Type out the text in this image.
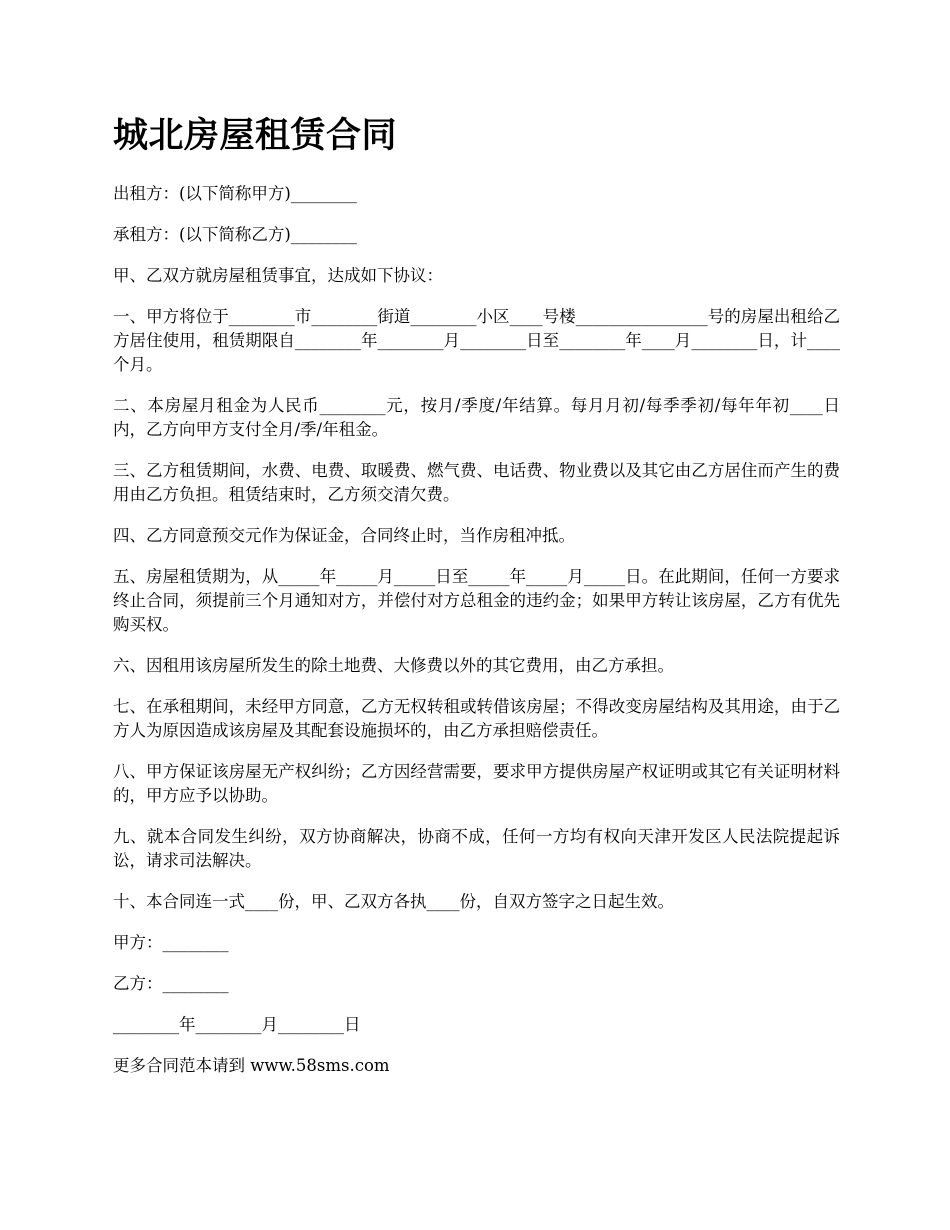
城北房屋租赁合同

出租方：(以下简称甲方)________

承租方：(以下简称乙方)________

甲、乙双方就房屋租赁事宜，达成如下协议：

一、甲方将位于________市________街道________小区____号楼________________号的房屋出租给乙方居住使用，租赁期限自________年________月________日至________年____月________日，计____个月。

二、本房屋月租金为人民币________元，按月/季度/年结算。每月月初/每季季初/每年年初____日内，乙方向甲方支付全月/季/年租金。

三、乙方租赁期间，水费、电费、取暖费、燃气费、电话费、物业费以及其它由乙方居住而产生的费用由乙方负担。租赁结束时，乙方须交清欠费。

四、乙方同意预交元作为保证金，合同终止时，当作房租冲抵。

五、房屋租赁期为，从_____年_____月_____日至_____年_____月_____日。在此期间，任何一方要求终止合同，须提前三个月通知对方，并偿付对方总租金的违约金；如果甲方转让该房屋，乙方有优先购买权。

六、因租用该房屋所发生的除土地费、大修费以外的其它费用，由乙方承担。

七、在承租期间，未经甲方同意，乙方无权转租或转借该房屋；不得改变房屋结构及其用途，由于乙方人为原因造成该房屋及其配套设施损坏的，由乙方承担赔偿责任。

八、甲方保证该房屋无产权纠纷；乙方因经营需要，要求甲方提供房屋产权证明或其它有关证明材料的，甲方应予以协助。

九、就本合同发生纠纷，双方协商解决，协商不成，任何一方均有权向天津开发区人民法院提起诉讼，请求司法解决。

十、本合同连一式____份，甲、乙双方各执____份，自双方签字之日起生效。

甲方：________

乙方：________

________年________月________日

更多合同范本请到 www.58sms.com
